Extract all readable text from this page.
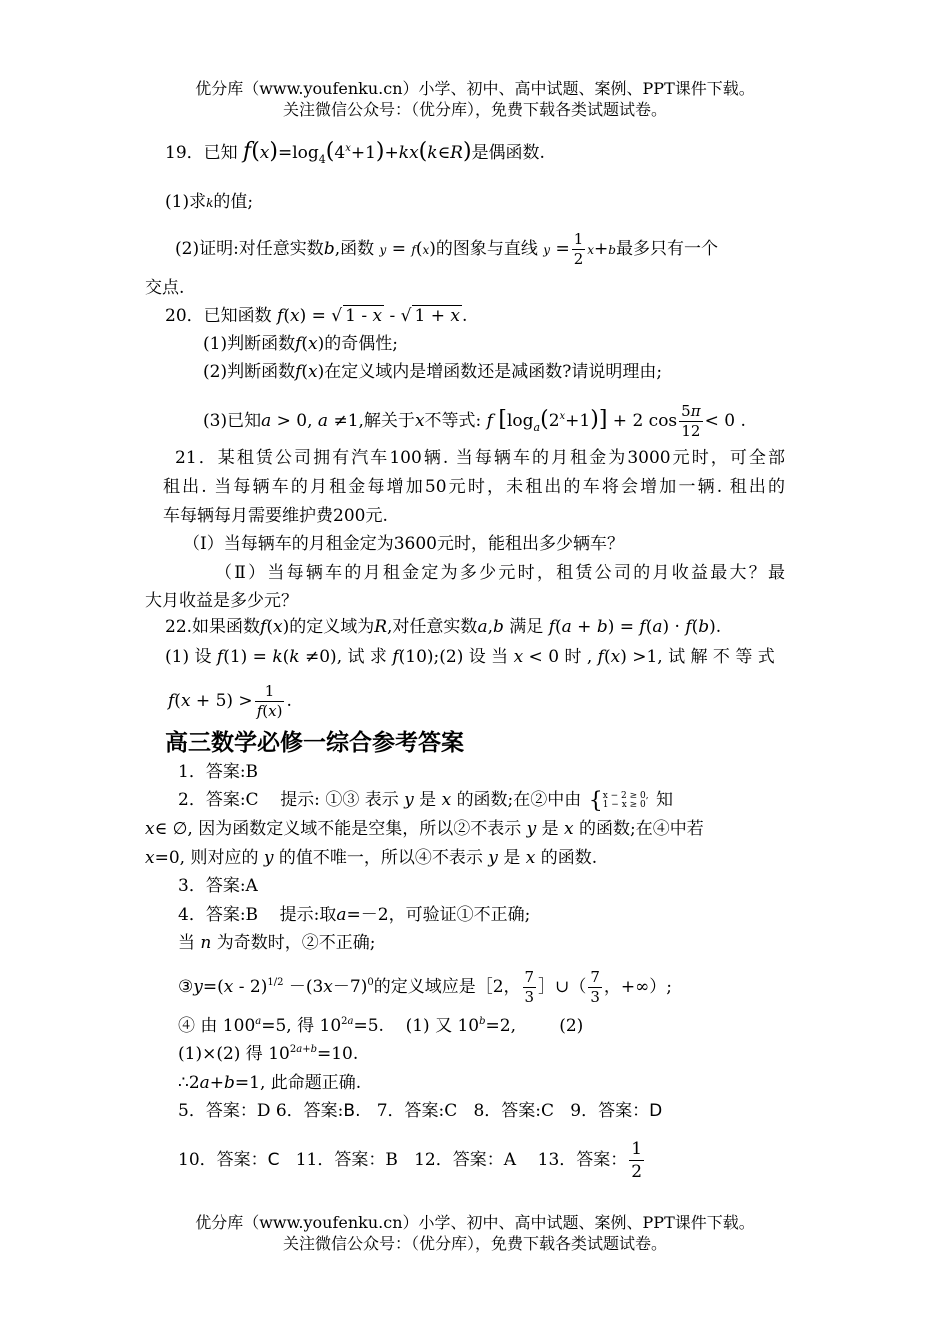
优分库（www.youfenku.cn）小学、初中、高中试题、案例、PPT课件下载。
关注微信公众号：（优分库），免费下载各类试题试卷。
19．已知 $f(x)=\log_4(4^x+1)+kx(k\in R)$是偶函数.
(1)求k的值;
(2)证明:对任意实数b,函数 y = f(x)的图象与直线 $y = \frac{1}{2} x+b$最多只有一个
交点.
20．已知函数 f(x) = √ 1 - x - √ 1 + x .
(1)判断函数f(x)的奇偶性;
(2)判断函数f(x)在定义域内是增函数还是减函数?请说明理由;
(3)已知a > 0, a ≠1,解关于x不等式: f $[\log_a(2^x+1)] + 2$ $\cos \frac{5\pi}{12} < 0$ .
21．某租赁公司拥有汽车100辆. 当每辆车的月租金为3000元时，可全部
租出. 当每辆车的月租金每增加50元时，未租出的车将会增加一辆. 租出的
车每辆每月需要维护费200元.
（Ⅰ）当每辆车的月租金定为3600元时，能租出多少辆车？
（Ⅱ）当每辆车的月租金定为多少元时，租赁公司的月收益最大？最
大月收益是多少元？
22.如果函数f(x)的定义域为R,对任意实数a,b 满足 f(a + b) = f(a) · f(b).
(1) 设 f(1) = k(k ≠0), 试 求 f(10);(2) 设 当 x < 0 时 , f(x) >1, 试 解 不 等 式
$f(x + 5) > \frac{1}{f(x)}$ .
高三数学必修一综合参考答案
1．答案:B
2．答案:C 提示: ①③ 表示 y 是 x 的函数;在②中由 { x − 2 ≥ 0,
1 − x ≥ 0 知
x∈ ∅, 因为函数定义域不能是空集，所以②不表示 y 是 x 的函数;在④中若
x=0, 则对应的 y 的值不唯一，所以④不表示 y 是 x 的函数.
3．答案:A
4．答案:B 提示:取a=－2，可验证①不正确;
当 n 为奇数时，②不正确;
③y=(x - $2)^{1/2} -(3x-7)^0$的定义域应是［2， $\frac{7}{3}$ ］∪（ $\frac{7}{3}$ ，+∞）;
④ 由 $100^a=5$, 得 $10^{2a}=5$. (1) 又 $10^b=2$,	(2)
(1)×(2) 得 $10^{2a+b}=10$.
∴2a+b=1, 此命题正确.
5．答案：D 6．答案:B. 7．答案:C 8．答案:C 9．答案：D
10．答案：C 11．答案：B 12．答案：A 13．答案： $\frac{1}{2}$
优分库（www.youfenku.cn）小学、初中、高中试题、案例、PPT课件下载。
关注微信公众号：（优分库），免费下载各类试题试卷。
